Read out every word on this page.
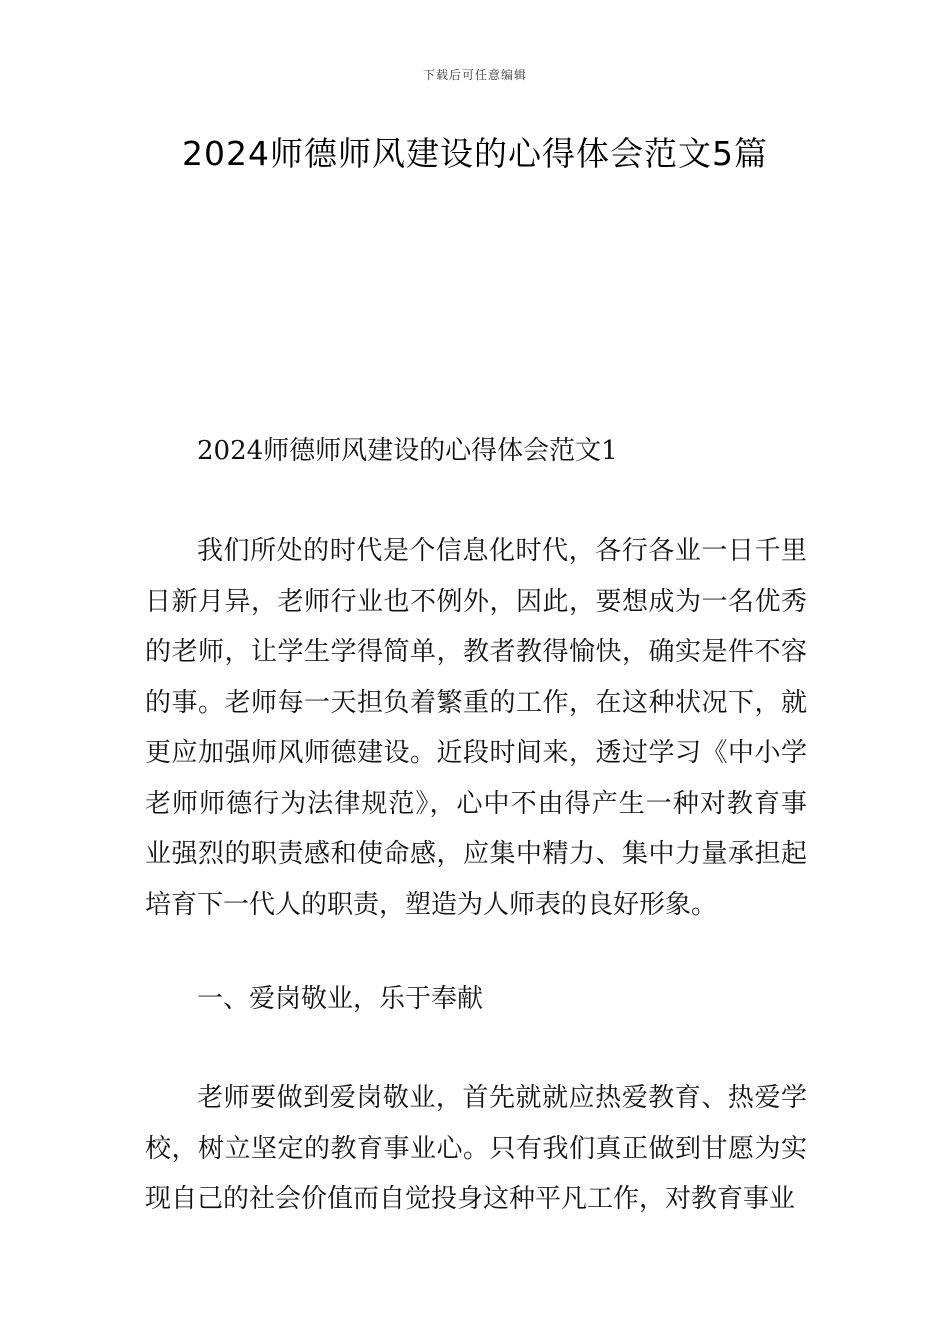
下载后可任意编辑
2024师德师风建设的心得体会范文5篇

2024师德师风建设的心得体会范文1

我们所处的时代是个信息化时代，各行各业一日千里日新月异，老师行业也不例外，因此，要想成为一名优秀的老师，让学生学得简单，教者教得愉快，确实是件不容的事。老师每一天担负着繁重的工作，在这种状况下，就更应加强师风师德建设。近段时间来，透过学习《中小学老师师德行为法律规范》，心中不由得产生一种对教育事业强烈的职责感和使命感，应集中精力、集中力量承担起培育下一代人的职责，塑造为人师表的良好形象。

一、爱岗敬业，乐于奉献

老师要做到爱岗敬业，首先就就应热爱教育、热爱学校，树立坚定的教育事业心。只有我们真正做到甘愿为实现自己的社会价值而自觉投身这种平凡工作，对教育事业
